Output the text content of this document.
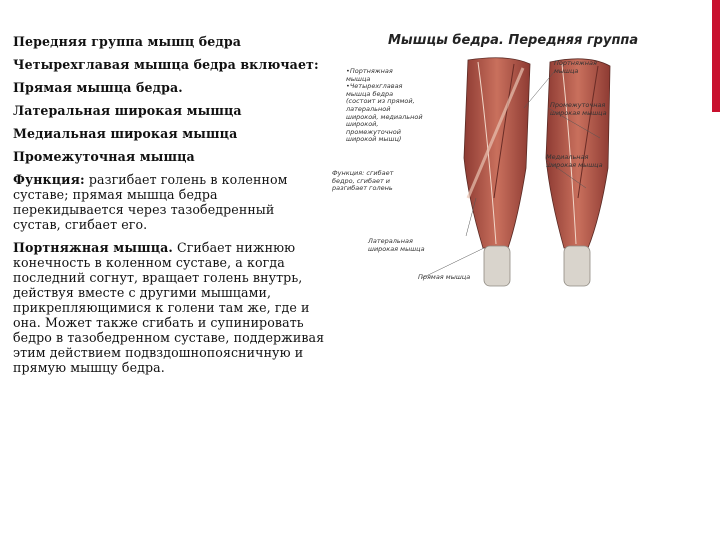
Передняя группа мышц бедра

Четырехглавая мышца бедра включает:

Прямая мышца бедра.

Латеральная широкая мышца

Медиальная широкая мышца

Промежуточная мышца

Функция: разгибает голень в коленном суставе; прямая мышца бедра перекидывается через тазобедренный сустав, сгибает его.

Портняжная мышца. Сгибает нижнюю конечность в коленном суставе, а когда последний согнут, вращает голень внутрь, действуя вместе с другими мышцами, прикрепляющимися к голени там же, где и она. Может также сгибать и супинировать бедро в тазобедренном суставе, поддерживая этим действием подвздошнопоясничную и прямую мышцу бедра.

Мышцы бедра. Передняя группа
•Портняжная
мышца
•Четырехглавая
мышца бедра
(состоит из прямой,
латеральной
широкой, медиальной
широкой,
промежуточной
широкой мышц)
Функция: сгибает
бедро, сгибает и
разгибает голень
Портняжная
мышца
Промежуточная
широкая мышца
Медиальная
широкая мышца
Латеральная
широкая мышца
Прямая мышца
